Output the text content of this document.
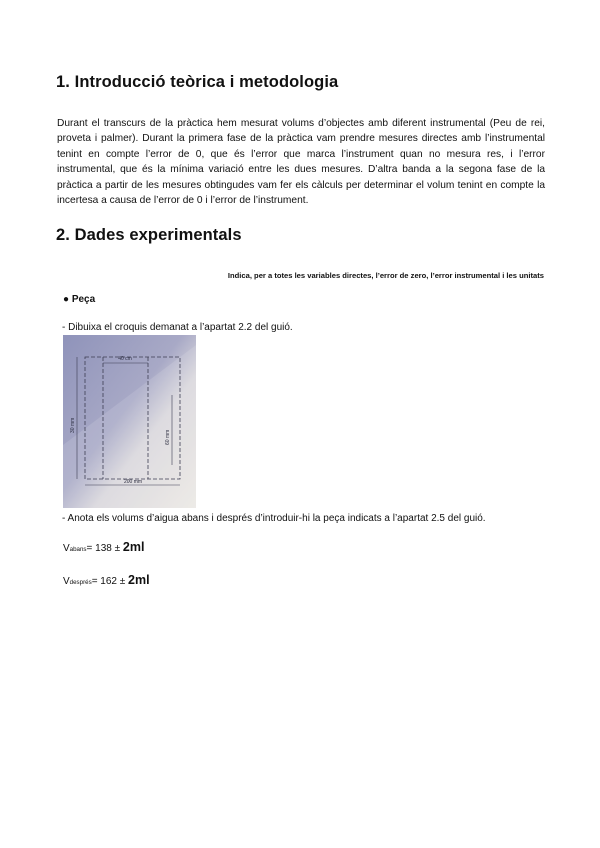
1. Introducció teòrica i metodologia
Durant el transcurs de la pràctica hem mesurat volums d’objectes amb diferent instrumental (Peu de rei, proveta i palmer). Durant la primera fase de la pràctica vam prendre mesures directes amb l’instrumental tenint en compte l’error de 0, que és l’error que marca l’instrument quan no mesura res, i l’error instrumental, que és la mínima variació entre les dues mesures. D’altra banda a la segona fase de la pràctica a partir de les mesures obtingudes vam fer els càlculs per determinar el volum tenint en compte la incertesa a causa de l’error de 0 i l’error de l’instrument.
2. Dades experimentals
Indica, per a totes les variables directes, l’error de zero, l’error instrumental i les unitats
● Peça
- Dibuixa el croquis demanat a l’apartat 2.2 del guió.
40 cm
200 mm
30 mm
60 mm
- Anota els volums d’aigua abans i després d’introduir-hi la peça indicats a l’apartat 2.5 del guió.
Vabans= 138 ± 2ml
Vdesprés= 162 ± 2ml
